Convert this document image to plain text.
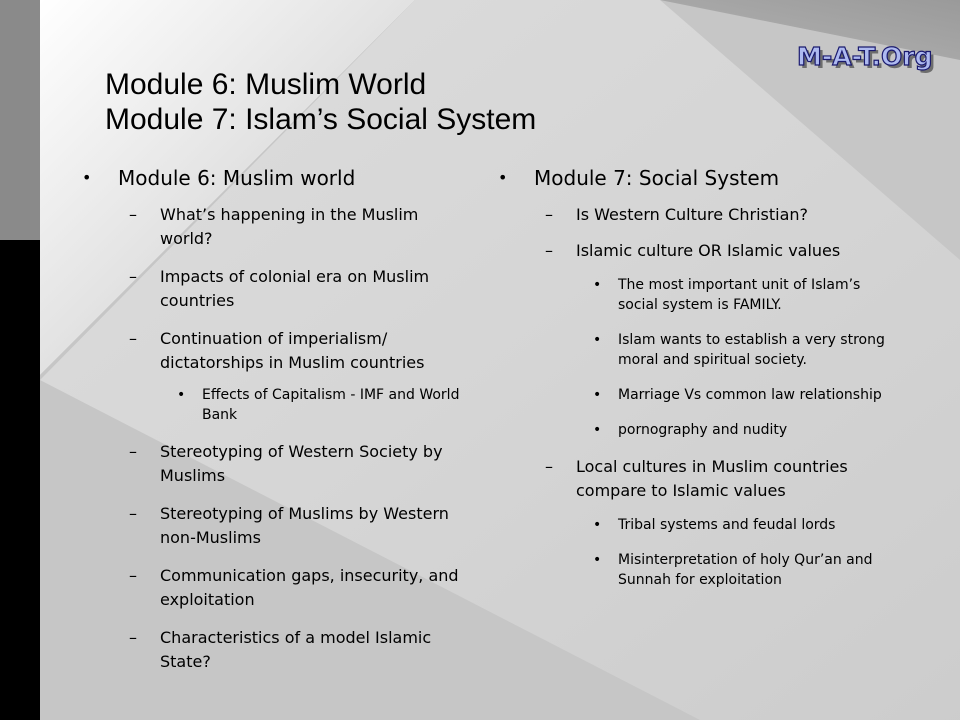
M-A-T.Org
Module 6: Muslim World
Module 7: Islam’s Social System
• Module 6: Muslim world
– What’s happening in the Muslim world?
– Impacts of colonial era on Muslim countries
– Continuation of imperialism/ dictatorships in Muslim countries
• Effects of Capitalism - IMF and World Bank
– Stereotyping of Western Society by Muslims
– Stereotyping of Muslims by Western non-Muslims
– Communication gaps, insecurity, and exploitation
– Characteristics of a model Islamic State?
• Module 7: Social System
– Is Western Culture Christian?
– Islamic culture OR Islamic values
• The most important unit of Islam’s social system is FAMILY.
• Islam wants to establish a very strong moral and spiritual society.
• Marriage Vs common law relationship
• pornography and nudity
– Local cultures in Muslim countries compare to Islamic values
• Tribal systems and feudal lords
• Misinterpretation of holy Qur’an and Sunnah for exploitation
